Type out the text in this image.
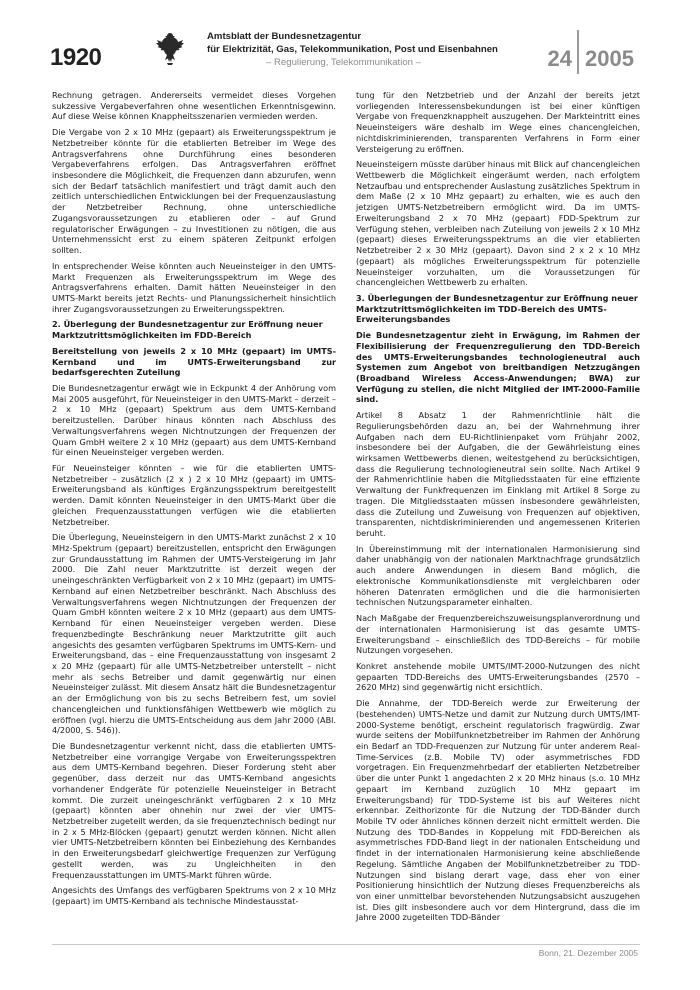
1920
Amtsblatt der Bundesnetzagentur
für Elektrizität, Gas, Telekommunikation, Post und Eisenbahnen
– Regulierung, Telekommunikation –	24 2005

Rechnung getragen. Andererseits vermeidet dieses Vorgehen sukzessive Vergabeverfahren ohne wesentlichen Erkenntnisgewinn. Auf diese Weise können Knappheitsszenarien vermieden werden.

Die Vergabe von 2 x 10 MHz (gepaart) als Erweiterungsspektrum je Netzbetreiber könnte für die etablierten Betreiber im Wege des Antragsverfahrens ohne Durchführung eines besonderen Vergabeverfahrens erfolgen. Das Antragsverfahren eröffnet insbesondere die Möglichkeit, die Frequenzen dann abzurufen, wenn sich der Bedarf tatsächlich manifestiert und trägt damit auch den zeitlich unterschiedlichen Entwicklungen bei der Frequenzauslastung der Netzbetreiber Rechnung, ohne unterschiedliche Zugangsvoraussetzungen zu etablieren oder – auf Grund regulatorischer Erwägungen – zu Investitionen zu nötigen, die aus Unternehmenssicht erst zu einem späteren Zeitpunkt erfolgen sollten.

In entsprechender Weise könnten auch Neueinsteiger in den UMTS-Markt Frequenzen als Erweiterungsspektrum im Wege des Antragsverfahrens erhalten. Damit hätten Neueinsteiger in den UMTS-Markt bereits jetzt Rechts- und Planungssicherheit hinsichtlich ihrer Zugangsvoraussetzungen zu Erweiterungsspektren.

2. Überlegung der Bundesnetzagentur zur Eröffnung neuer Marktzutrittsmöglichkeiten im FDD-Bereich

Bereitstellung von jeweils 2 x 10 MHz (gepaart) im UMTS-Kernband und im UMTS-Erweiterungsband zur bedarfsgerechten Zuteilung

Die Bundesnetzagentur erwägt wie in Eckpunkt 4 der Anhörung vom Mai 2005 ausgeführt, für Neueinsteiger in den UMTS-Markt – derzeit – 2 x 10 MHz (gepaart) Spektrum aus dem UMTS-Kernband bereitzustellen. Darüber hinaus könnten nach Abschluss des Verwaltungsverfahrens wegen Nichtnutzungen der Frequenzen der Quam GmbH weitere 2 x 10 MHz (gepaart) aus dem UMTS-Kernband für einen Neueinsteiger vergeben werden.

Für Neueinsteiger könnten – wie für die etablierten UMTS-Netzbetreiber – zusätzlich (2 x ) 2 x 10 MHz (gepaart) im UMTS-Erweiterungsband als künftiges Ergänzungsspektrum bereitgestellt werden. Damit könnten Neueinsteiger in den UMTS-Markt über die gleichen Frequenzausstattungen verfügen wie die etablierten Netzbetreiber.

Die Überlegung, Neueinsteigern in den UMTS-Markt zunächst 2 x 10 MHz-Spektrum (gepaart) bereitzustellen, entspricht den Erwägungen zur Grundausstattung im Rahmen der UMTS-Versteigerung im Jahr 2000. Die Zahl neuer Marktzutritte ist derzeit wegen der uneingeschränkten Verfügbarkeit von 2 x 10 MHz (gepaart) im UMTS-Kernband auf einen Netzbetreiber beschränkt. Nach Abschluss des Verwaltungsverfahrens wegen Nichtnutzungen der Frequenzen der Quam GmbH könnten weitere 2 x 10 MHz (gepaart) aus dem UMTS-Kernband für einen Neueinsteiger vergeben werden. Diese frequenzbedingte Beschränkung neuer Marktzutritte gilt auch angesichts des gesamten verfügbaren Spektrums im UMTS-Kern- und Erweiterungsband, das – eine Frequenzausstattung von insgesamt 2 x 20 MHz (gepaart) für alle UMTS-Netzbetreiber unterstellt – nicht mehr als sechs Betreiber und damit gegenwärtig nur einen Neueinsteiger zulässt. Mit diesem Ansatz hält die Bundesnetzagentur an der Ermöglichung von bis zu sechs Betreibern fest, um soviel chancengleichen und funktionsfähigen Wettbewerb wie möglich zu eröffnen (vgl. hierzu die UMTS-Entscheidung aus dem Jahr 2000 (ABl. 4/2000, S. 546)).

Die Bundesnetzagentur verkennt nicht, dass die etablierten UMTS-Netzbetreiber eine vorrangige Vergabe von Erweiterungsspektren aus dem UMTS-Kernband begehren. Dieser Forderung steht aber gegenüber, dass derzeit nur das UMTS-Kernband angesichts vorhandener Endgeräte für potenzielle Neueinsteiger in Betracht kommt. Die zurzeit uneingeschränkt verfügbaren 2 x 10 MHz (gepaart) könnten aber ohnehin nur zwei der vier UMTS-Netzbetreiber zugeteilt werden, da sie frequenztechnisch bedingt nur in 2 x 5 MHz-Blöcken (gepaart) genutzt werden können. Nicht allen vier UMTS-Netzbetreibern könnten bei Einbeziehung des Kernbandes in den Erweiterungsbedarf gleichwertige Frequenzen zur Verfügung gestellt werden, was zu Ungleichheiten in den Frequenzausstattungen im UMTS-Markt führen würde.

Angesichts des Umfangs des verfügbaren Spektrums von 2 x 10 MHz (gepaart) im UMTS-Kernband als technische Mindestausstat-

tung für den Netzbetrieb und der Anzahl der bereits jetzt vorliegenden Interessensbekundungen ist bei einer künftigen Vergabe von Frequenzknappheit auszugehen. Der Markteintritt eines Neueinsteigers wäre deshalb im Wege eines chancengleichen, nichtdiskriminierenden, transparenten Verfahrens in Form einer Versteigerung zu eröffnen.

Neueinsteigern müsste darüber hinaus mit Blick auf chancengleichen Wettbewerb die Möglichkeit eingeräumt werden, nach erfolgtem Netzaufbau und entsprechender Auslastung zusätzliches Spektrum in dem Maße (2 x 10 MHz gepaart) zu erhalten, wie es auch den jetzigen UMTS-Netzbetreibern ermöglicht wird. Da im UMTS-Erweiterungsband 2 x 70 MHz (gepaart) FDD-Spektrum zur Verfügung stehen, verbleiben nach Zuteilung von jeweils 2 x 10 MHz (gepaart) dieses Erweiterungsspektrums an die vier etablierten Netzbetreiber 2 x 30 MHz (gepaart). Davon sind 2 x 2 x 10 MHz (gepaart) als mögliches Erweiterungsspektrum für potenzielle Neueinsteiger vorzuhalten, um die Voraussetzungen für chancengleichen Wettbewerb zu erhalten.

3. Überlegungen der Bundesnetzagentur zur Eröffnung neuer Marktzutrittsmöglichkeiten im TDD-Bereich des UMTS-Erweiterungsbandes

Die Bundesnetzagentur zieht in Erwägung, im Rahmen der Flexibilisierung der Frequenzregulierung den TDD-Bereich des UMTS-Erweiterungsbandes technologieneutral auch Systemen zum Angebot von breitbandigen Netzzugängen (Broadband Wireless Access-Anwendungen; BWA) zur Verfügung zu stellen, die nicht Mitglied der IMT-2000-Familie sind.

Artikel 8 Absatz 1 der Rahmenrichtlinie hält die Regulierungsbehörden dazu an, bei der Wahrnehmung ihrer Aufgaben nach dem EU-Richtlinienpaket vom Frühjahr 2002, insbesondere bei der Aufgaben, die der Gewährleistung eines wirksamen Wettbewerbs dienen, weitestgehend zu berücksichtigen, dass die Regulierung technologieneutral sein sollte. Nach Artikel 9 der Rahmenrichtlinie haben die Mitgliedsstaaten für eine effiziente Verwaltung der Funkfrequenzen im Einklang mit Artikel 8 Sorge zu tragen. Die Mitgliedsstaaten müssen insbesondere gewährleisten, dass die Zuteilung und Zuweisung von Frequenzen auf objektiven, transparenten, nichtdiskriminierenden und angemessenen Kriterien beruht.

In Übereinstimmung mit der internationalen Harmonisierung sind daher unabhängig von der nationalen Marktnachfrage grundsätzlich auch andere Anwendungen in diesem Band möglich, die elektronische Kommunikationsdienste mit vergleichbaren oder höheren Datenraten ermöglichen und die die harmonisierten technischen Nutzungsparameter einhalten.

Nach Maßgabe der Frequenzbereichszuweisungsplanverordnung und der internationalen Harmonisierung ist das gesamte UMTS-Erweiterungsband – einschließlich des TDD-Bereichs – für mobile Nutzungen vorgesehen.

Konkret anstehende mobile UMTS/IMT-2000-Nutzungen des nicht gepaarten TDD-Bereichs des UMTS-Erweiterungsbandes (2570 – 2620 MHz) sind gegenwärtig nicht ersichtlich.

Die Annahme, der TDD-Bereich werde zur Erweiterung der (bestehenden) UMTS-Netze und damit zur Nutzung durch UMTS/IMT-2000-Systeme benötigt, erscheint regulatorisch fragwürdig. Zwar wurde seitens der Mobilfunknetzbetreiber im Rahmen der Anhörung ein Bedarf an TDD-Frequenzen zur Nutzung für unter anderem Real-Time-Services (z.B. Mobile TV) oder asymmetrisches FDD vorgetragen. Ein Frequenzmehrbedarf der etablierten Netzbetreiber über die unter Punkt 1 angedachten 2 x 20 MHz hinaus (s.o. 10 MHz gepaart im Kernband zuzüglich 10 MHz gepaart im Erweiterungsband) für TDD-Systeme ist bis auf Weiteres nicht erkennbar. Zeithorizonte für die Nutzung der TDD-Bänder durch Mobile TV oder ähnliches können derzeit nicht ermittelt werden. Die Nutzung des TDD-Bandes in Koppelung mit FDD-Bereichen als asymmetrisches FDD-Band liegt in der nationalen Entscheidung und findet in der internationalen Harmonisierung keine abschließende Regelung. Sämtliche Angaben der Mobilfunknetzbetreiber zu TDD-Nutzungen sind bislang derart vage, dass eher von einer Positionierung hinsichtlich der Nutzung dieses Frequenzbereichs als von einer unmittelbar bevorstehenden Nutzungsabsicht auszugehen ist. Dies gilt insbesondere auch vor dem Hintergrund, dass die im Jahre 2000 zugeteilten TDD-Bänder

Bonn, 21. Dezember 2005
